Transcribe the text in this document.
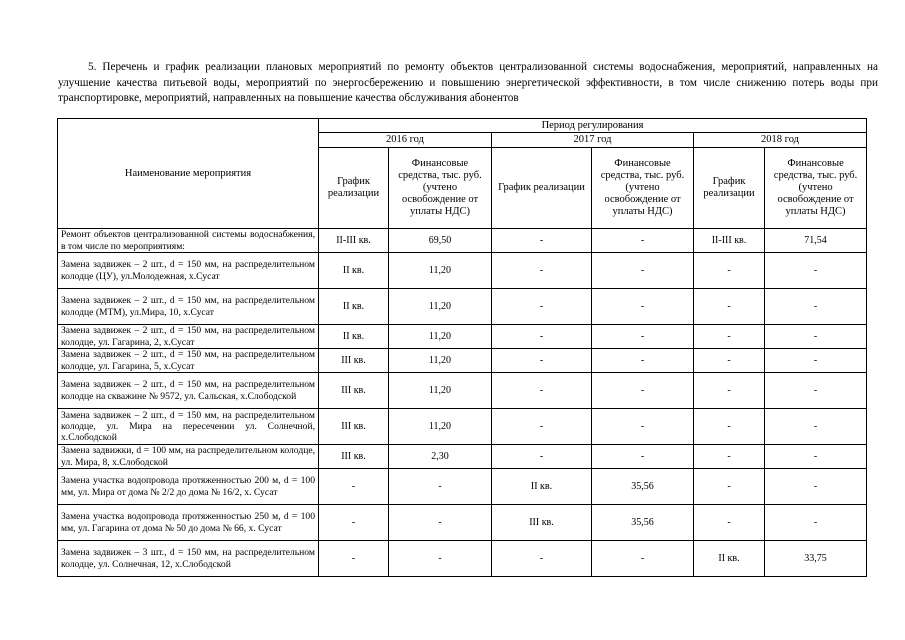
5. Перечень и график реализации плановых мероприятий по ремонту объектов централизованной системы водоснабжения, мероприятий, направленных на улучшение качества питьевой воды, мероприятий по энергосбережению и повышению энергетической эффективности, в том числе снижению потерь воды при транспортировке, мероприятий, направленных на повышение качества обслуживания абонентов
Наименование мероприятия	Период регулирования					
	2016 год		2017 год		2018 год	
	График реализации	Финансовые средства, тыс. руб. (учтено освобождение от уплаты НДС)	График реализации	Финансовые средства, тыс. руб. (учтено освобождение от уплаты НДС)	График реализации	Финансовые средства, тыс. руб. (учтено освобождение от уплаты НДС)
Ремонт объектов централизованной системы водоснабжения, в том числе по мероприятиям:	II-III кв.	69,50	-	-	II-III кв.	71,54
Замена задвижек – 2 шт., d = 150 мм, на распределительном колодце (ЦУ), ул.Молодежная, х.Сусат	II кв.	11,20	-	-	-	-
Замена задвижек – 2 шт., d = 150 мм, на распределительном колодце (МТМ), ул.Мира, 10, х.Сусат	II кв.	11,20	-	-	-	-
Замена задвижек – 2 шт., d = 150 мм, на распределительном колодце, ул. Гагарина, 2, х.Сусат	II кв.	11,20	-	-	-	-
Замена задвижек – 2 шт., d = 150 мм, на распределительном колодце, ул. Гагарина, 5, х.Сусат	III кв.	11,20	-	-	-	-
Замена задвижек – 2 шт., d = 150 мм, на распределительном колодце на скважине № 9572, ул. Сальская, х.Слободской	III кв.	11,20	-	-	-	-
Замена задвижек – 2 шт., d = 150 мм, на распределительном колодце, ул. Мира на пересечении ул. Солнечной, х.Слободской	III кв.	11,20	-	-	-	-
Замена задвижки, d = 100 мм, на распределительном колодце, ул. Мира, 8, х.Слободской	III кв.	2,30	-	-	-	-
Замена участка водопровода протяженностью 200 м, d = 100 мм, ул. Мира от дома № 2/2 до дома № 16/2, х. Сусат	-	-	II кв.	35,56	-	-
Замена участка водопровода протяженностью 250 м, d = 100 мм, ул. Гагарина от дома № 50 до дома № 66, х. Сусат	-	-	III кв.	35,56	-	-
Замена задвижек – 3 шт., d = 150 мм, на распределительном колодце, ул. Солнечная, 12, х.Слободской	-	-	-	-	II кв.	33,75
